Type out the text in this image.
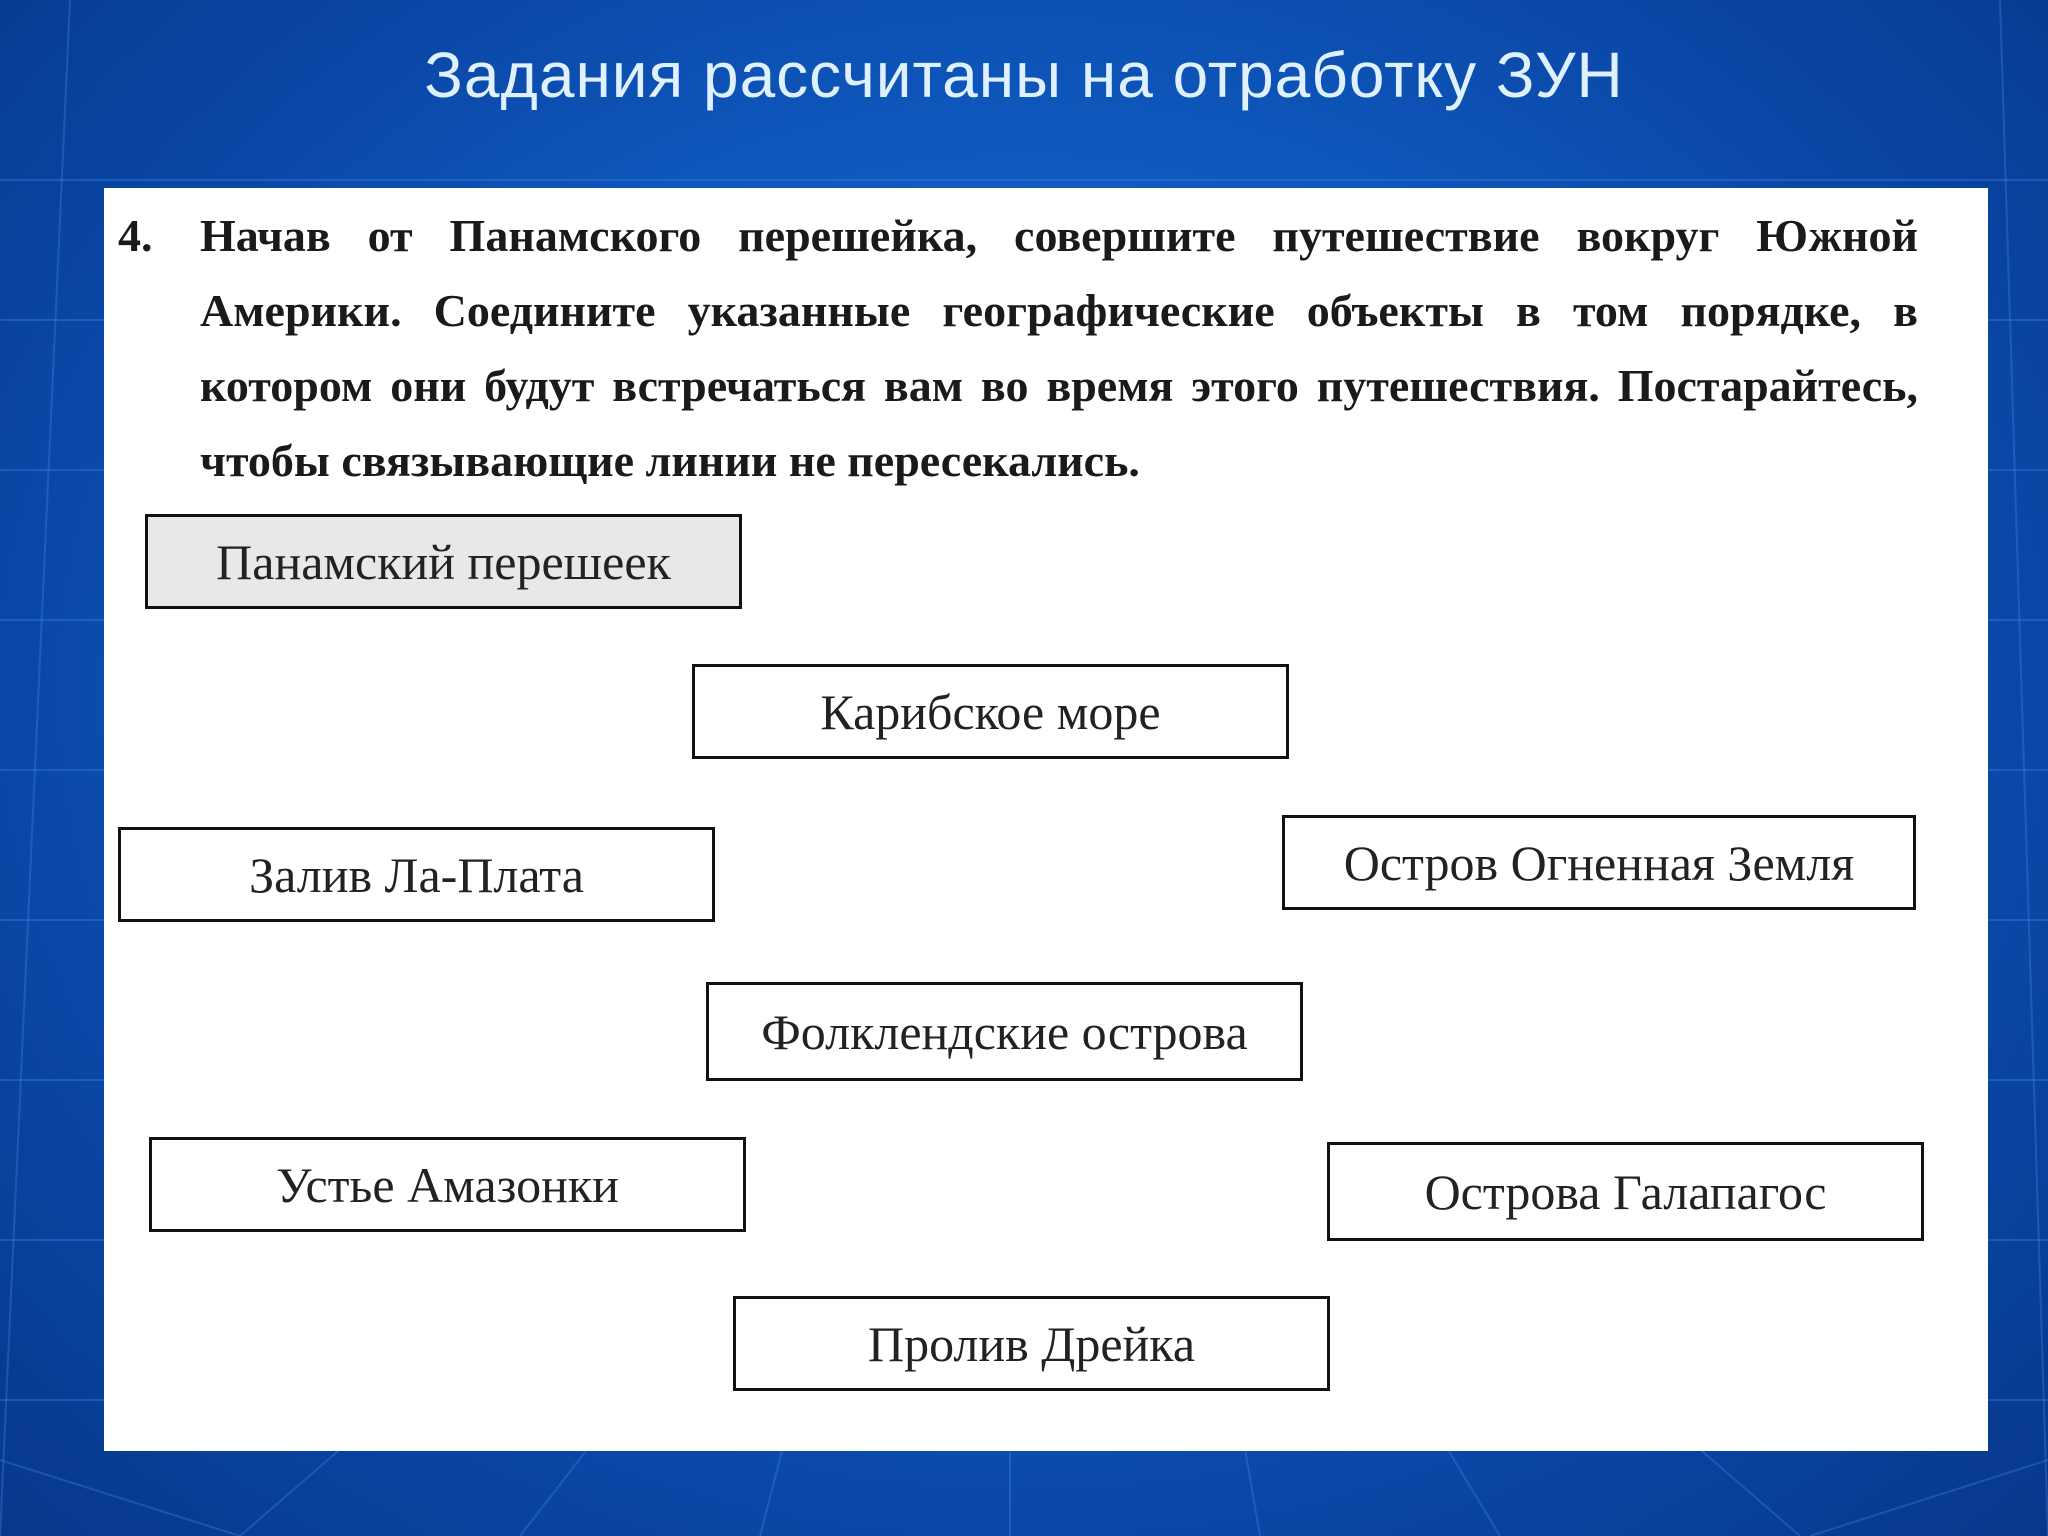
Задания рассчитаны на отработку ЗУН
4.	Начав от Панамского перешейка, совершите путешествие вокруг Южной Америки. Соедините указанные географические объекты в том порядке, в котором они будут встречаться вам во время этого путешествия. Постарайтесь, чтобы связывающие линии не пересекались.
Панамский перешеек
Карибское море
Залив Ла-Плата	Остров Огненная Земля
Фолклендские острова
Устье Амазонки	Острова Галапагос
Пролив Дрейка
